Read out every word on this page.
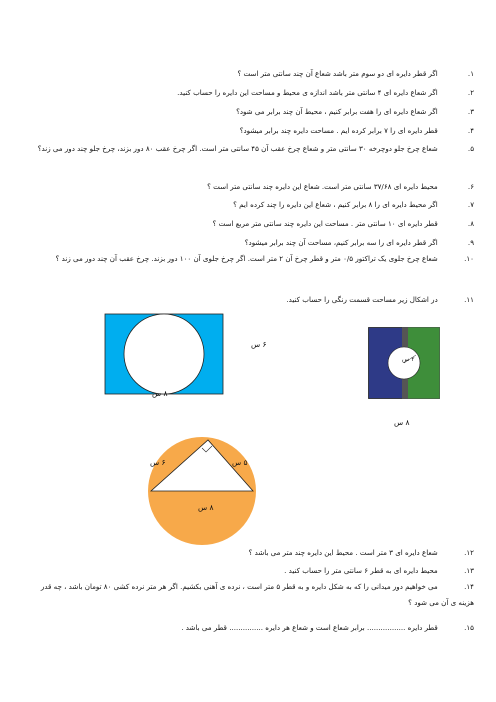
۱. اگر قطر دایره ای دو سوم متر باشد شعاع آن چند سانتی متر است ؟
۲. اگر شعاع دایره ای ۴ سانتی متر باشد اندازه ی محیط و مساحت این دایره را حساب کنید.
۳. اگر شعاع دایره ای را هفت برابر کنیم ، محیط آن چند برابر می شود؟
۴. قطر دایره ای را ۷ برابر کرده ایم . مساحت دایره چند برابر میشود؟
۵. شعاع چرخ جلو دوچرخه ۳۰ سانتی متر و شعاع چرخ عقب آن ۴۵ سانتی متر است. اگر چرخ عقب ۸۰ دور بزند، چرخ جلو چند دور می زند؟
۶. محیط دایره ای ۳۷/۶۸ سانتی متر است. شعاع این دایره چند سانتی متر است ؟
۷. اگر محیط دایره ای را ۸ برابر کنیم ، شعاع این دایره را چند کرده ایم ؟
۸. قطر دایره ای ۱۰ سانتی متر . مساحت این دایره چند سانتی متر مربع است ؟
۹. اگر قطر دایره ای را سه برابر کنیم، مساحت آن چند برابر میشود؟
۱۰. شعاع چرخ جلوی یک تراکتور ۰/۵ متر و قطر چرخ آن ۲ متر است. اگر چرخ جلوی آن ۱۰۰ دور بزند. چرخ عقب آن چند دور می زند ؟
۱۱. در اشکال زیر مساحت قسمت رنگی را حساب کنید.
۶ س
۸ س
۲ س
۸ س
۶ س	۵ س
۸ س
۱۲. شعاع دایره ای ۳ متر است . محیط این دایره چند متر می باشد ؟
۱۳. محیط دایره ای به قطر ۶ سانتی متر را حساب کنید .
۱۴. می خواهیم دور میدانی را که به شکل دایره و به قطر ۵ متر است ، نرده ی آهنی بکشیم. اگر هر متر نرده کشی ۸۰ تومان باشد ، چه قدر هزینه ی آن می شود ؟
۱۵. قطر دایره ................. برابر شعاع است و شعاع هر دایره ............... قطر می باشد .
